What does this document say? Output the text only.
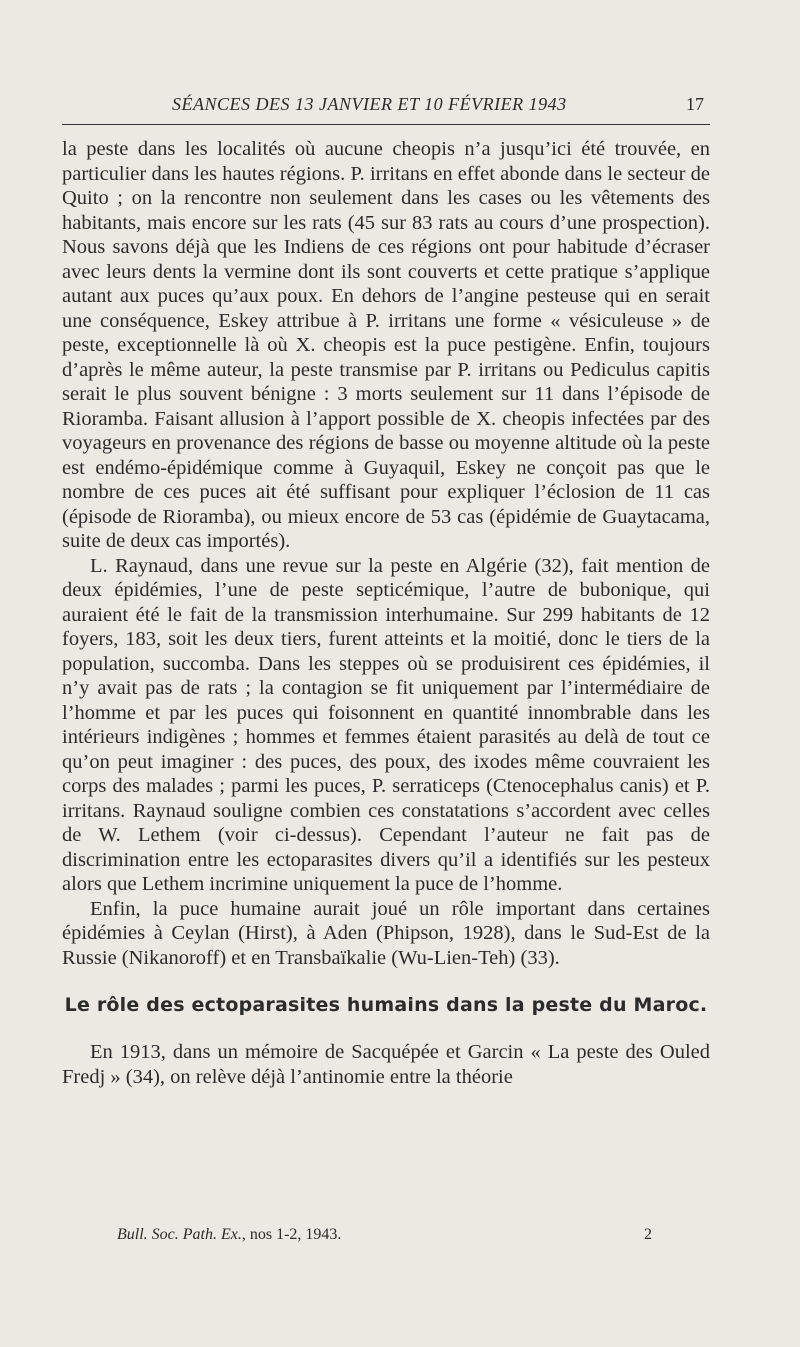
SÉANCES DES 13 JANVIER ET 10 FÉVRIER 1943	17

la peste dans les localités où aucune cheopis n’a jusqu’ici été trouvée, en particulier dans les hautes régions. P. irritans en effet abonde dans le secteur de Quito ; on la rencontre non seulement dans les cases ou les vêtements des habitants, mais encore sur les rats (45 sur 83 rats au cours d’une prospection). Nous savons déjà que les Indiens de ces régions ont pour habitude d’écraser avec leurs dents la vermine dont ils sont couverts et cette pratique s’applique autant aux puces qu’aux poux. En dehors de l’angine pesteuse qui en serait une conséquence, Eskey attribue à P. irritans une forme « vésiculeuse » de peste, exceptionnelle là où X. cheopis est la puce pestigène. Enfin, toujours d’après le même auteur, la peste transmise par P. irritans ou Pediculus capitis serait le plus souvent bénigne : 3 morts seulement sur 11 dans l’épisode de Rioramba. Faisant allusion à l’apport possible de X. cheopis infectées par des voyageurs en provenance des régions de basse ou moyenne altitude où la peste est endémo-épidémique comme à Guyaquil, Eskey ne conçoit pas que le nombre de ces puces ait été suffisant pour expliquer l’éclosion de 11 cas (épisode de Rioramba), ou mieux encore de 53 cas (épidémie de Guaytacama, suite de deux cas importés).

L. Raynaud, dans une revue sur la peste en Algérie (32), fait mention de deux épidémies, l’une de peste septicémique, l’autre de bubonique, qui auraient été le fait de la transmission interhumaine. Sur 299 habitants de 12 foyers, 183, soit les deux tiers, furent atteints et la moitié, donc le tiers de la population, succomba. Dans les steppes où se produisirent ces épidémies, il n’y avait pas de rats ; la contagion se fit uniquement par l’intermédiaire de l’homme et par les puces qui foisonnent en quantité innombrable dans les intérieurs indigènes ; hommes et femmes étaient parasités au delà de tout ce qu’on peut imaginer : des puces, des poux, des ixodes même couvraient les corps des malades ; parmi les puces, P. serraticeps (Ctenocephalus canis) et P. irritans. Raynaud souligne combien ces constatations s’accordent avec celles de W. Lethem (voir ci-dessus). Cependant l’auteur ne fait pas de discrimination entre les ectoparasites divers qu’il a identifiés sur les pesteux alors que Lethem incrimine uniquement la puce de l’homme.

Enfin, la puce humaine aurait joué un rôle important dans certaines épidémies à Ceylan (Hirst), à Aden (Phipson, 1928), dans le Sud-Est de la Russie (Nikanoroff) et en Transbaïkalie (Wu-Lien-Teh) (33).

Le rôle des ectoparasites humains dans la peste du Maroc.

En 1913, dans un mémoire de Sacquépée et Garcin « La peste des Ouled Fredj » (34), on relève déjà l’antinomie entre la théorie

Bull. Soc. Path. Ex., nos 1-2, 1943.	2
